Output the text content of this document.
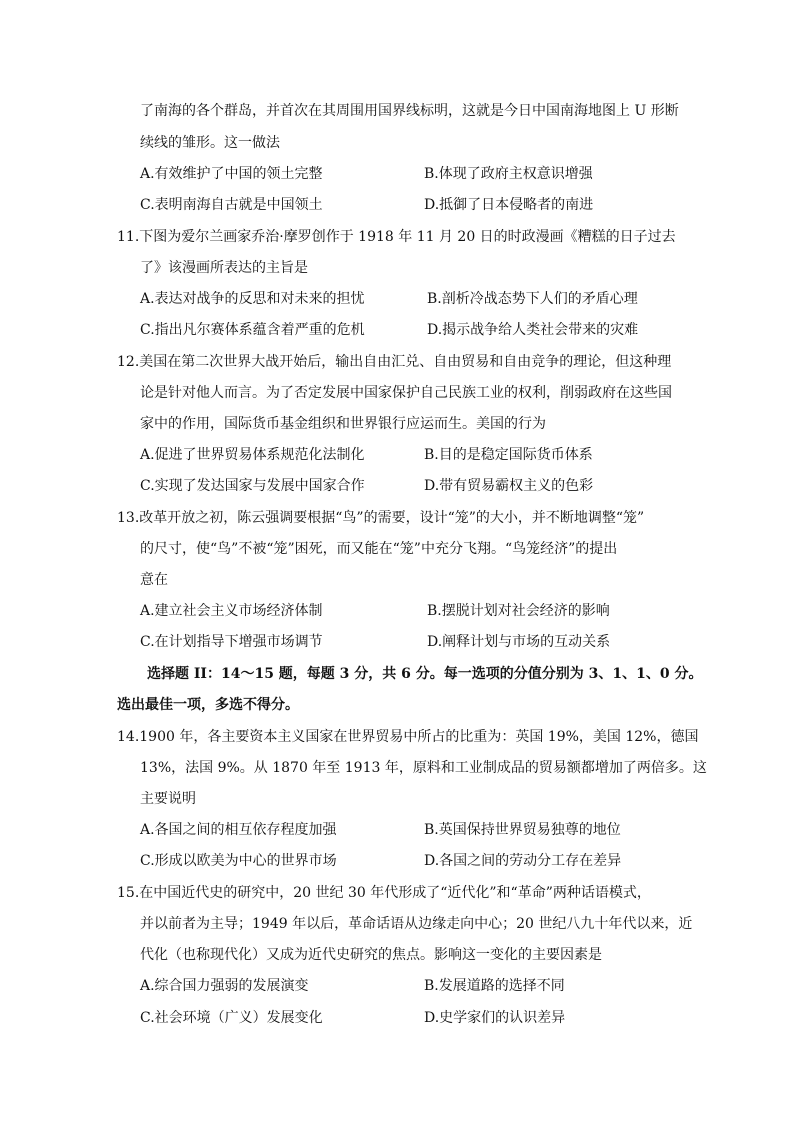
了南海的各个群岛，并首次在其周围用国界线标明，这就是今日中国南海地图上 U 形断
续线的雏形。这一做法
A.有效维护了中国的领土完整	B.体现了政府主权意识增强
C.表明南海自古就是中国领土	D.抵御了日本侵略者的南进
11.下图为爱尔兰画家乔治·摩罗创作于 1918 年 11 月 20 日的时政漫画《糟糕的日子过去
了》该漫画所表达的主旨是
A.表达对战争的反思和对未来的担忧	B.剖析冷战态势下人们的矛盾心理
C.指出凡尔赛体系蕴含着严重的危机	D.揭示战争给人类社会带来的灾难
12.美国在第二次世界大战开始后，输出自由汇兑、自由贸易和自由竞争的理论，但这种理
论是针对他人而言。为了否定发展中国家保护自己民族工业的权利，削弱政府在这些国
家中的作用，国际货币基金组织和世界银行应运而生。美国的行为
A.促进了世界贸易体系规范化法制化	B.目的是稳定国际货币体系
C.实现了发达国家与发展中国家合作	D.带有贸易霸权主义的色彩
13.改革开放之初，陈云强调要根据“鸟”的需要，设计“笼”的大小，并不断地调整“笼”
的尺寸，使“鸟”不被“笼”困死，而又能在“笼”中充分飞翔。“鸟笼经济”的提出
意在
A.建立社会主义市场经济体制	B.摆脱计划对社会经济的影响
C.在计划指导下增强市场调节	D.阐释计划与市场的互动关系
选择题 II：14～15 题，每题 3 分，共 6 分。每一选项的分值分别为 3、1、1、0 分。
选出最佳一项，多选不得分。
14.1900 年，各主要资本主义国家在世界贸易中所占的比重为：英国 19%，美国 12%，德国
13%，法国 9%。从 1870 年至 1913 年，原料和工业制成品的贸易额都增加了两倍多。这
主要说明
A.各国之间的相互依存程度加强	B.英国保持世界贸易独尊的地位
C.形成以欧美为中心的世界市场	D.各国之间的劳动分工存在差异
15.在中国近代史的研究中，20 世纪 30 年代形成了“近代化”和“革命”两种话语模式，
并以前者为主导；1949 年以后，革命话语从边缘走向中心；20 世纪八九十年代以来，近
代化（也称现代化）又成为近代史研究的焦点。影响这一变化的主要因素是
A.综合国力强弱的发展演变	B.发展道路的选择不同
C.社会环境（广义）发展变化	D.史学家们的认识差异
